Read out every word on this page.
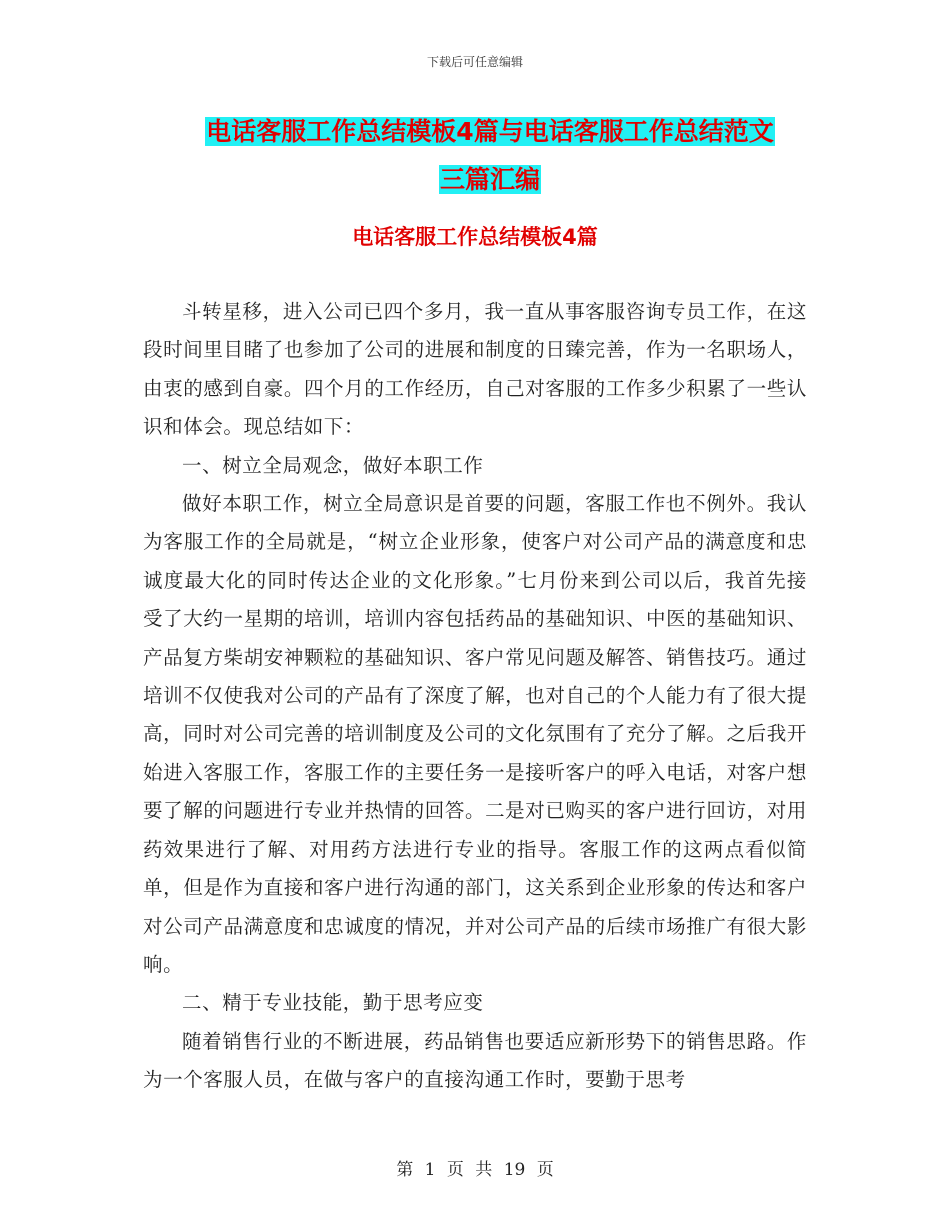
下载后可任意编辑
电话客服工作总结模板4篇与电话客服工作总结范文
三篇汇编
电话客服工作总结模板4篇

斗转星移，进入公司已四个多月，我一直从事客服咨询专员工作，在这段时间里目睹了也参加了公司的进展和制度的日臻完善，作为一名职场人，由衷的感到自豪。四个月的工作经历，自己对客服的工作多少积累了一些认识和体会。现总结如下：

一、树立全局观念，做好本职工作

做好本职工作，树立全局意识是首要的问题，客服工作也不例外。我认为客服工作的全局就是，“树立企业形象，使客户对公司产品的满意度和忠诚度最大化的同时传达企业的文化形象。”七月份来到公司以后，我首先接受了大约一星期的培训，培训内容包括药品的基础知识、中医的基础知识、产品复方柴胡安神颗粒的基础知识、客户常见问题及解答、销售技巧。通过培训不仅使我对公司的产品有了深度了解，也对自己的个人能力有了很大提高，同时对公司完善的培训制度及公司的文化氛围有了充分了解。之后我开始进入客服工作，客服工作的主要任务一是接听客户的呼入电话，对客户想要了解的问题进行专业并热情的回答。二是对已购买的客户进行回访，对用药效果进行了解、对用药方法进行专业的指导。客服工作的这两点看似简单，但是作为直接和客户进行沟通的部门，这关系到企业形象的传达和客户对公司产品满意度和忠诚度的情况，并对公司产品的后续市场推广有很大影响。

二、精于专业技能，勤于思考应变

随着销售行业的不断进展，药品销售也要适应新形势下的销售思路。作为一个客服人员，在做与客户的直接沟通工作时，要勤于思考

第 1 页 共 19 页
